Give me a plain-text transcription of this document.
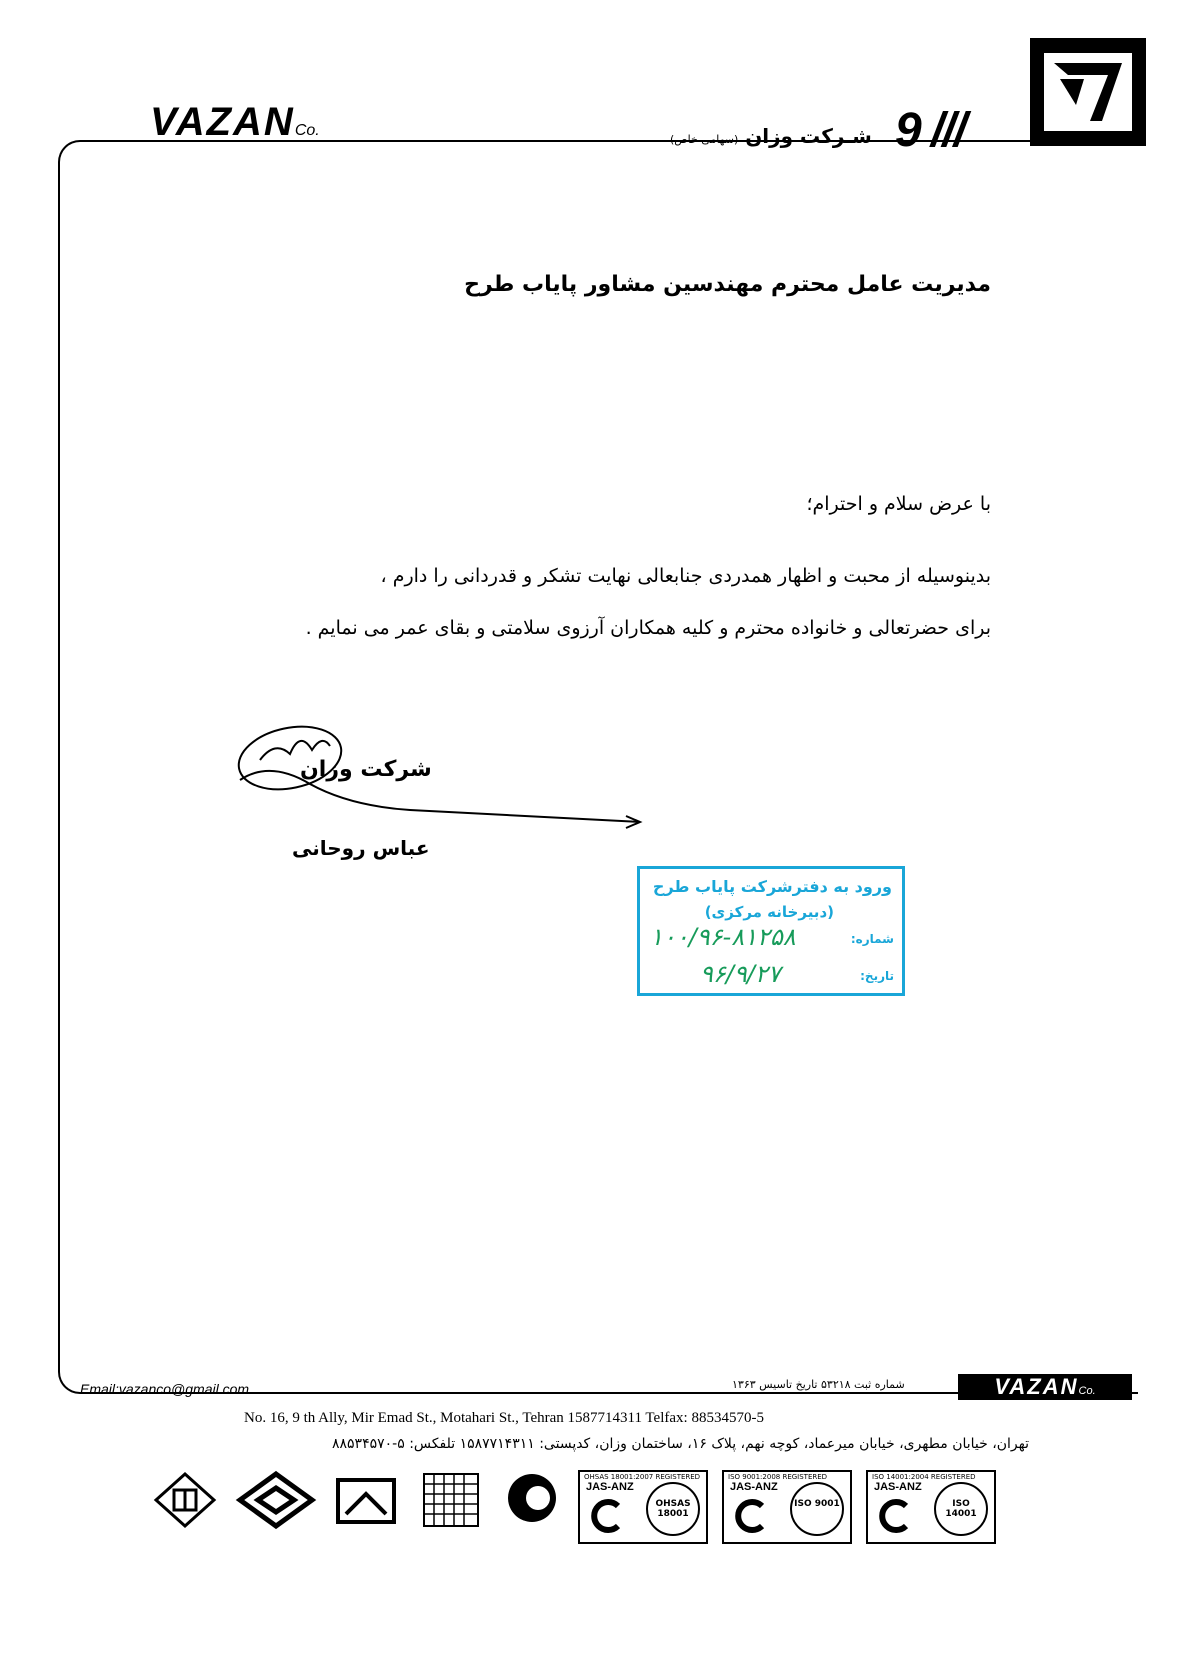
9 ///
شـركت وزان (سهامی خاص)
VAZANCo.
مدیریت عامل محترم مهندسین مشاور پایاب طرح
با عرض سلام و احترام؛
بدینوسیله از محبت و اظهار همدردی جنابعالی نهایت تشکر و قدردانی را دارم ،
برای حضرتعالی و خانواده محترم و کلیه همکاران آرزوی سلامتی و بقای عمر می نمایم .
شرکت وزان
عباس روحانی
ورود به دفترشرکت پایاب طرح
(دبیرخانه مرکزی)
شماره:
تاریخ:
۱۰۰/۹۶-۸۱۲۵۸
۹۶/۹/۲۷
Email:vazanco@gmail.com	شماره ثبت ۵۳۲۱۸ تاریخ تاسیس ۱۳۶۳	VAZANCo.
No. 16, 9 th Ally, Mir Emad St., Motahari St., Tehran 1587714311 Telfax: 88534570-5
تهران، خیابان مطهری، خیابان میرعماد، کوچه نهم، پلاک ۱۶، ساختمان وزان، کدپستی: ۱۵۸۷۷۱۴۳۱۱ تلفکس: ۵-۸۸۵۳۴۵۷۰
OHSAS 18001:2007 REGISTERED
JAS-ANZ
OHSAS 18001
ISO 9001:2008 REGISTERED
JAS-ANZ
ISO 9001
ISO 14001:2004 REGISTERED
JAS-ANZ
ISO 14001
